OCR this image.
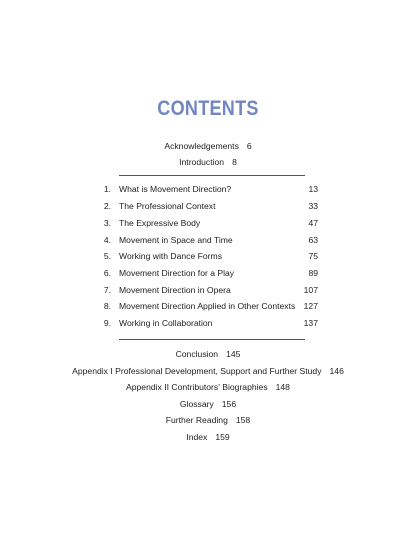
CONTENTS
Acknowledgements 6
Introduction 8
1. What is Movement Direction?	13
2. The Professional Context	33
3. The Expressive Body	47
4. Movement in Space and Time	63
5. Working with Dance Forms	75
6. Movement Direction for a Play	89
7. Movement Direction in Opera	107
8. Movement Direction Applied in Other Contexts 127
9. Working in Collaboration	137
Conclusion 145
Appendix I Professional Development, Support and Further Study 146
Appendix II Contributors' Biographies 148
Glossary 156
Further Reading 158
Index 159
